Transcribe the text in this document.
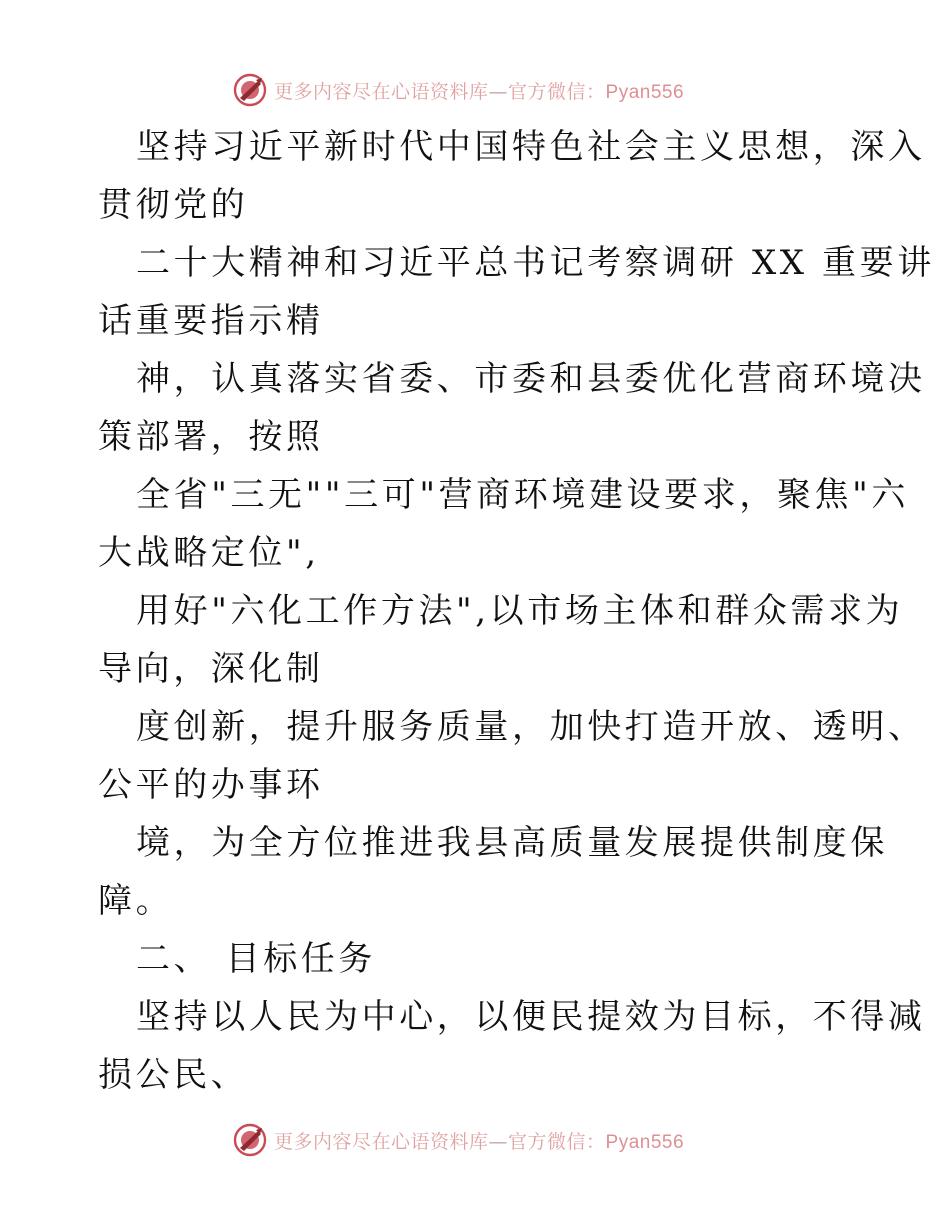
更多内容尽在心语资料库—官方微信：Pyan556
坚持习近平新时代中国特色社会主义思想，深入
贯彻党的
二十大精神和习近平总书记考察调研 XX 重要讲
话重要指示精
神，认真落实省委、市委和县委优化营商环境决
策部署，按照
全省"三无""三可"营商环境建设要求，聚焦"六
大战略定位",
用好"六化工作方法",以市场主体和群众需求为
导向，深化制
度创新，提升服务质量，加快打造开放、透明、
公平的办事环
境，为全方位推进我县高质量发展提供制度保
障。
二、 目标任务
坚持以人民为中心，以便民提效为目标，不得减
损公民、
更多内容尽在心语资料库—官方微信：Pyan556
